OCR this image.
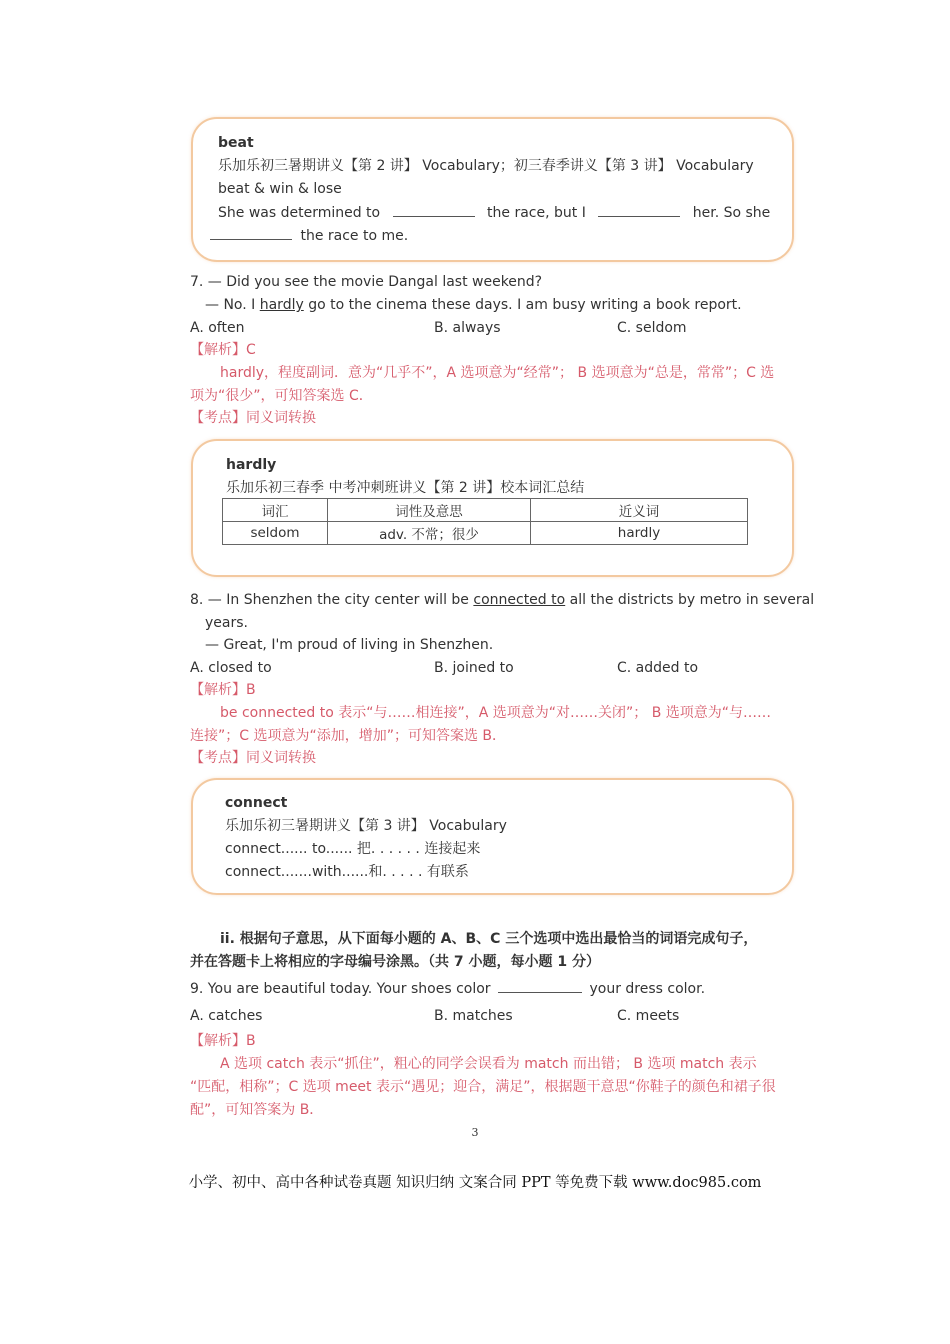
beat
乐加乐初三暑期讲义【第 2 讲】 Vocabulary；初三春季讲义【第 3 讲】 Vocabulary
beat & win & lose
She was determined to	the race, but I	her. So she
the race to me.
7. — Did you see the movie Dangal last weekend?
— No. I hardly go to the cinema these days. I am busy writing a book report.
A. often	B. always	C. seldom
【解析】C
hardly，程度副词．意为“几乎不”，A 选项意为“经常”； B 选项意为“总是，常常”；C 选
项为“很少”，可知答案选 C．
【考点】同义词转换
hardly
乐加乐初三春季 中考冲刺班讲义【第 2 讲】校本词汇总结
词汇	词性及意思	近义词
seldom	adv. 不常；很少	hardly
8. — In Shenzhen the city center will be connected to all the districts by metro in several
years.
— Great, I'm proud of living in Shenzhen.
A. closed to	B. joined to	C. added to
【解析】B
be connected to 表示“与……相连接”，A 选项意为“对……关闭”； B 选项意为“与……
连接”；C 选项意为“添加，增加”；可知答案选 B．
【考点】同义词转换
connect
乐加乐初三暑期讲义【第 3 讲】 Vocabulary
connect...... to...... 把. . . . . . 连接起来
connect.......with......和. . . . . 有联系
ii. 根据句子意思，从下面每小题的 A、B、C 三个选项中选出最恰当的词语完成句子，
并在答题卡上将相应的字母编号涂黑。（共 7 小题，每小题 1 分）
9. You are beautiful today. Your shoes color	your dress color.
A. catches	B. matches	C. meets
【解析】B
A 选项 catch 表示“抓住”，粗心的同学会误看为 match 而出错； B 选项 match 表示
“匹配，相称”；C 选项 meet 表示“遇见；迎合，满足”，根据题干意思“你鞋子的颜色和裙子很
配”，可知答案为 B．
3
小学、初中、高中各种试卷真题 知识归纳 文案合同 PPT 等免费下载 www.doc985.com
